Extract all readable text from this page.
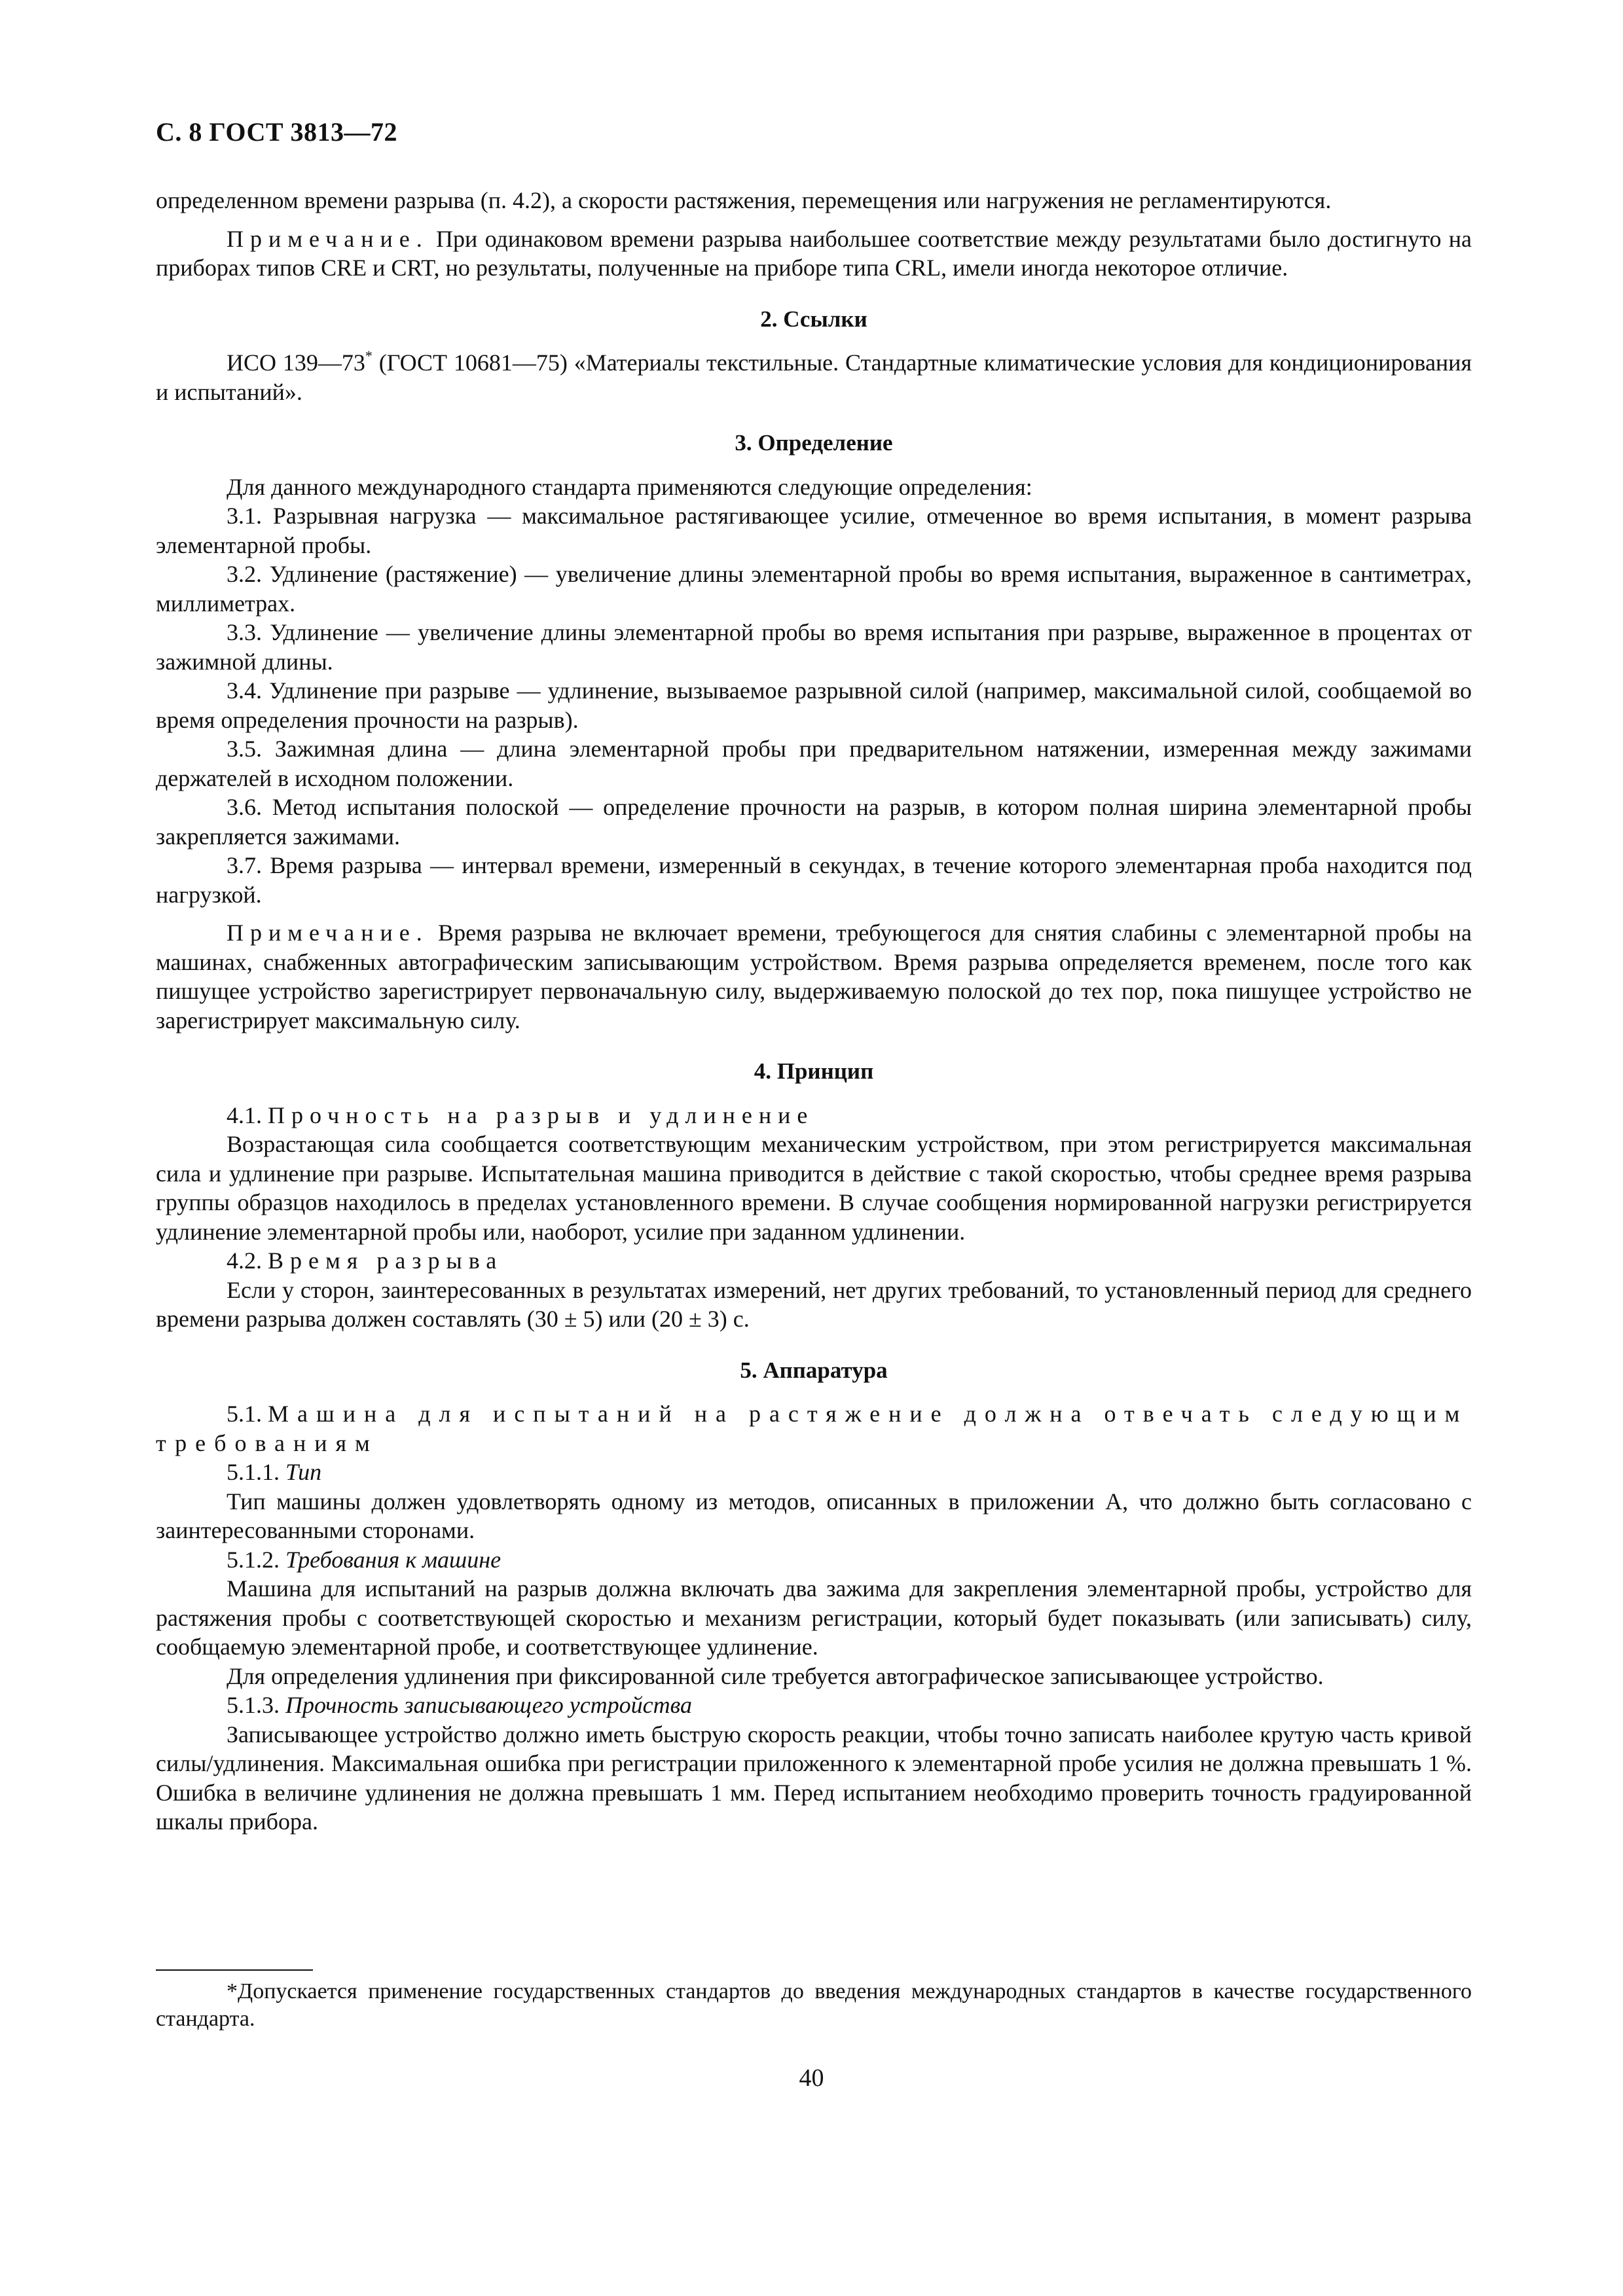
С. 8 ГОСТ 3813—72

определенном времени разрыва (п. 4.2), а скорости растяжения, перемещения или нагружения не регламентируются.

Примечание. При одинаковом времени разрыва наибольшее соответствие между результатами было достигнуто на приборах типов CRE и CRT, но результаты, полученные на приборе типа CRL, имели иногда некоторое отличие.

2. Ссылки

ИСО 139—73* (ГОСТ 10681—75) «Материалы текстильные. Стандартные климатические условия для кондиционирования и испытаний».

3. Определение

Для данного международного стандарта применяются следующие определения:

3.1. Разрывная нагрузка — максимальное растягивающее усилие, отмеченное во время испытания, в момент разрыва элементарной пробы.

3.2. Удлинение (растяжение) — увеличение длины элементарной пробы во время испытания, выраженное в сантиметрах, миллиметрах.

3.3. Удлинение — увеличение длины элементарной пробы во время испытания при разрыве, выраженное в процентах от зажимной длины.

3.4. Удлинение при разрыве — удлинение, вызываемое разрывной силой (например, максимальной силой, сообщаемой во время определения прочности на разрыв).

3.5. Зажимная длина — длина элементарной пробы при предварительном натяжении, измеренная между зажимами держателей в исходном положении.

3.6. Метод испытания полоской — определение прочности на разрыв, в котором полная ширина элементарной пробы закрепляется зажимами.

3.7. Время разрыва — интервал времени, измеренный в секундах, в течение которого элементарная проба находится под нагрузкой.

Примечание. Время разрыва не включает времени, требующегося для снятия слабины с элементарной пробы на машинах, снабженных автографическим записывающим устройством. Время разрыва определяется временем, после того как пишущее устройство зарегистрирует первоначальную силу, выдерживаемую полоской до тех пор, пока пишущее устройство не зарегистрирует максимальную силу.

4. Принцип

4.1. Прочность на разрыв и удлинение

Возрастающая сила сообщается соответствующим механическим устройством, при этом регистрируется максимальная сила и удлинение при разрыве. Испытательная машина приводится в действие с такой скоростью, чтобы среднее время разрыва группы образцов находилось в пределах установленного времени. В случае сообщения нормированной нагрузки регистрируется удлинение элементарной пробы или, наоборот, усилие при заданном удлинении.

4.2. Время разрыва

Если у сторон, заинтересованных в результатах измерений, нет других требований, то установленный период для среднего времени разрыва должен составлять (30 ± 5) или (20 ± 3) с.

5. Аппаратура

5.1. Машина для испытаний на растяжение должна отвечать следующим требованиям

5.1.1. Тип

Тип машины должен удовлетворять одному из методов, описанных в приложении А, что должно быть согласовано с заинтересованными сторонами.

5.1.2. Требования к машине

Машина для испытаний на разрыв должна включать два зажима для закрепления элементарной пробы, устройство для растяжения пробы с соответствующей скоростью и механизм регистрации, который будет показывать (или записывать) силу, сообщаемую элементарной пробе, и соответствующее удлинение.

Для определения удлинения при фиксированной силе требуется автографическое записывающее устройство.

5.1.3. Прочность записывающего устройства

Записывающее устройство должно иметь быструю скорость реакции, чтобы точно записать наиболее крутую часть кривой силы/удлинения. Максимальная ошибка при регистрации приложенного к элементарной пробе усилия не должна превышать 1 %. Ошибка в величине удлинения не должна превышать 1 мм. Перед испытанием необходимо проверить точность градуированной шкалы прибора.

*Допускается применение государственных стандартов до введения международных стандартов в качестве государственного стандарта.
40
